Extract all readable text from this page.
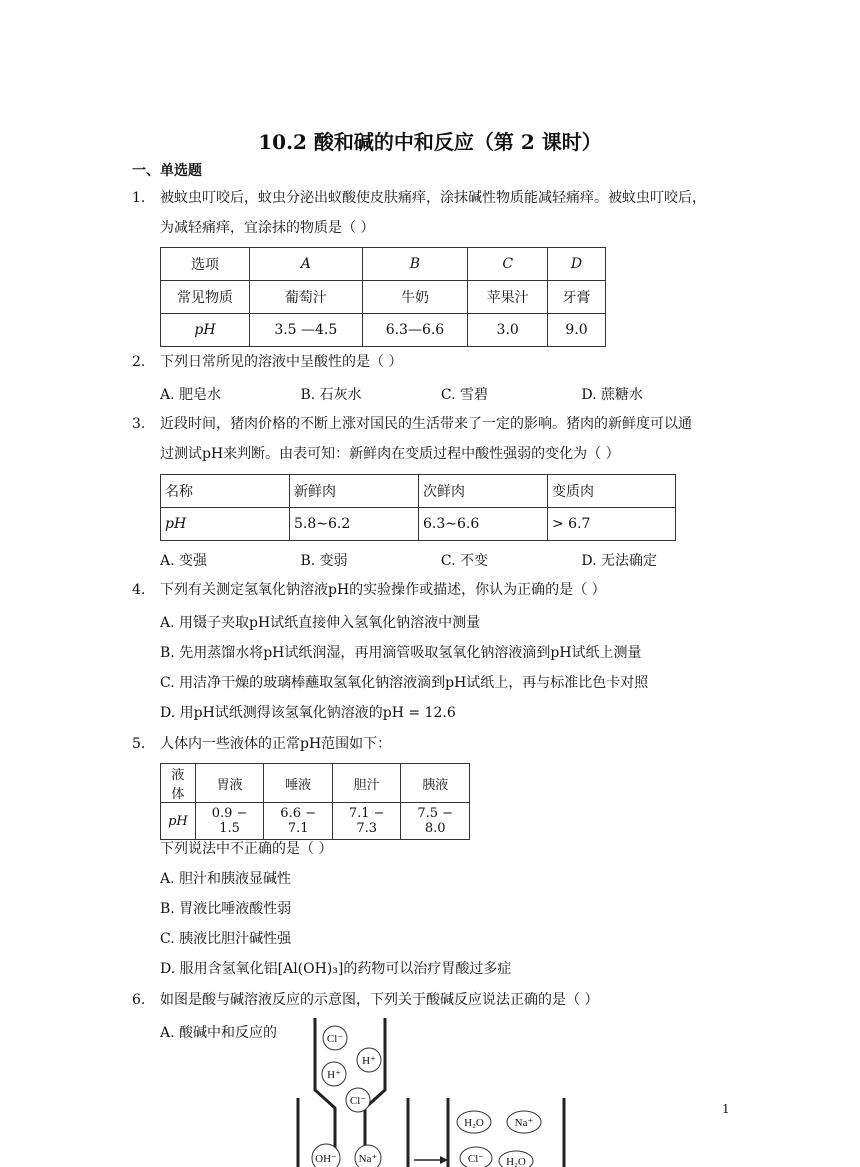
10.2 酸和碱的中和反应（第 2 课时）
一、单选题
1. 被蚊虫叮咬后，蚊虫分泌出蚁酸使皮肤痛痒，涂抹碱性物质能减轻痛痒。被蚊虫叮咬后，
为减轻痛痒，宜涂抹的物质是（ ）
选项	A	B	C	D
常见物质	葡萄汁	牛奶	苹果汁	牙膏
pH	3.5 —4.5	6.3—6.6	3.0	9.0
2. 下列日常所见的溶液中呈酸性的是（ ）
A. 肥皂水	B. 石灰水	C. 雪碧	D. 蔗糖水
3. 近段时间，猪肉价格的不断上涨对国民的生活带来了一定的影响。猪肉的新鲜度可以通
过测试pH来判断。由表可知：新鲜肉在变质过程中酸性强弱的变化为（ ）
名称	新鲜肉	次鲜肉	变质肉
pH	5.8∼6.2	6.3∼6.6	> 6.7
A. 变强	B. 变弱	C. 不变	D. 无法确定
4. 下列有关测定氢氧化钠溶液pH的实验操作或描述，你认为正确的是（ ）
A. 用镊子夹取pH试纸直接伸入氢氧化钠溶液中测量
B. 先用蒸馏水将pH试纸润湿，再用滴管吸取氢氧化钠溶液滴到pH试纸上测量
C. 用洁净干燥的玻璃棒蘸取氢氧化钠溶液滴到pH试纸上，再与标准比色卡对照
D. 用pH试纸测得该氢氧化钠溶液的pH = 12.6
5. 人体内一些液体的正常pH范围如下：
液体	胃液	唾液	胆汁	胰液
pH	0.9 − 1.5	6.6 − 7.1	7.1 − 7.3	7.5 − 8.0
下列说法中不正确的是（ ）
A. 胆汁和胰液显碱性
B. 胃液比唾液酸性弱
C. 胰液比胆汁碱性强
D. 服用含氢氧化铝[Al(OH)₃]的药物可以治疗胃酸过多症
6. 如图是酸与碱溶液反应的示意图，下列关于酸碱反应说法正确的是（ ）
A. 酸碱中和反应的	Cl⁻
H⁺
H⁺
Cl⁻
OH⁻ Na⁺
H₂O	Na⁺
Cl⁻ H₂O
1
